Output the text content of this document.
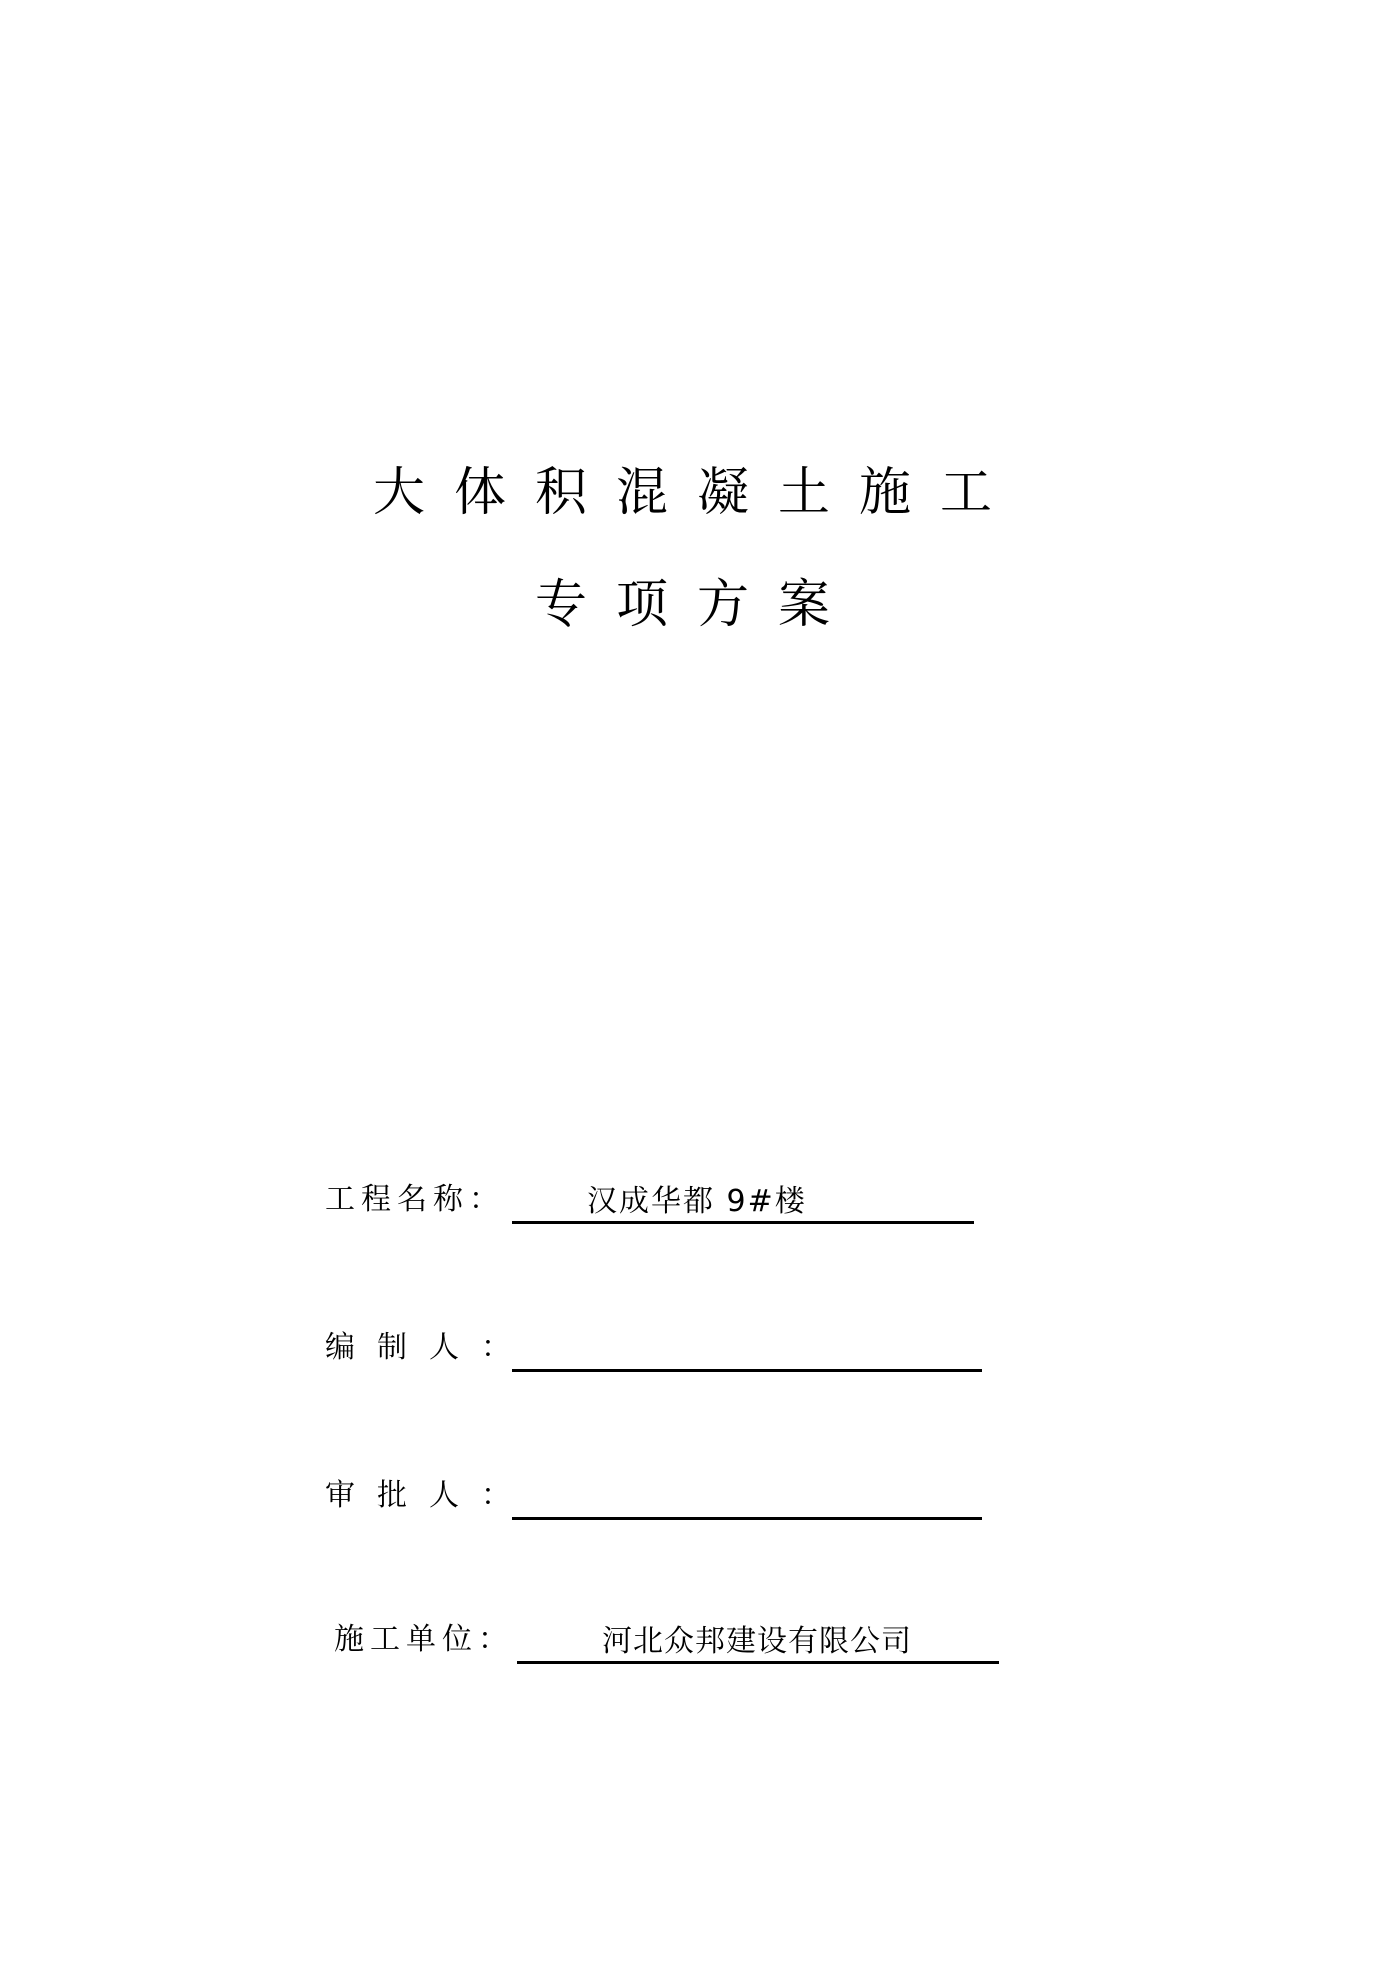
大体积混凝土施工
专项方案
工程名称：	汉成华都 9#楼
编制人：
审批人：
施工单位：	河北众邦建设有限公司
